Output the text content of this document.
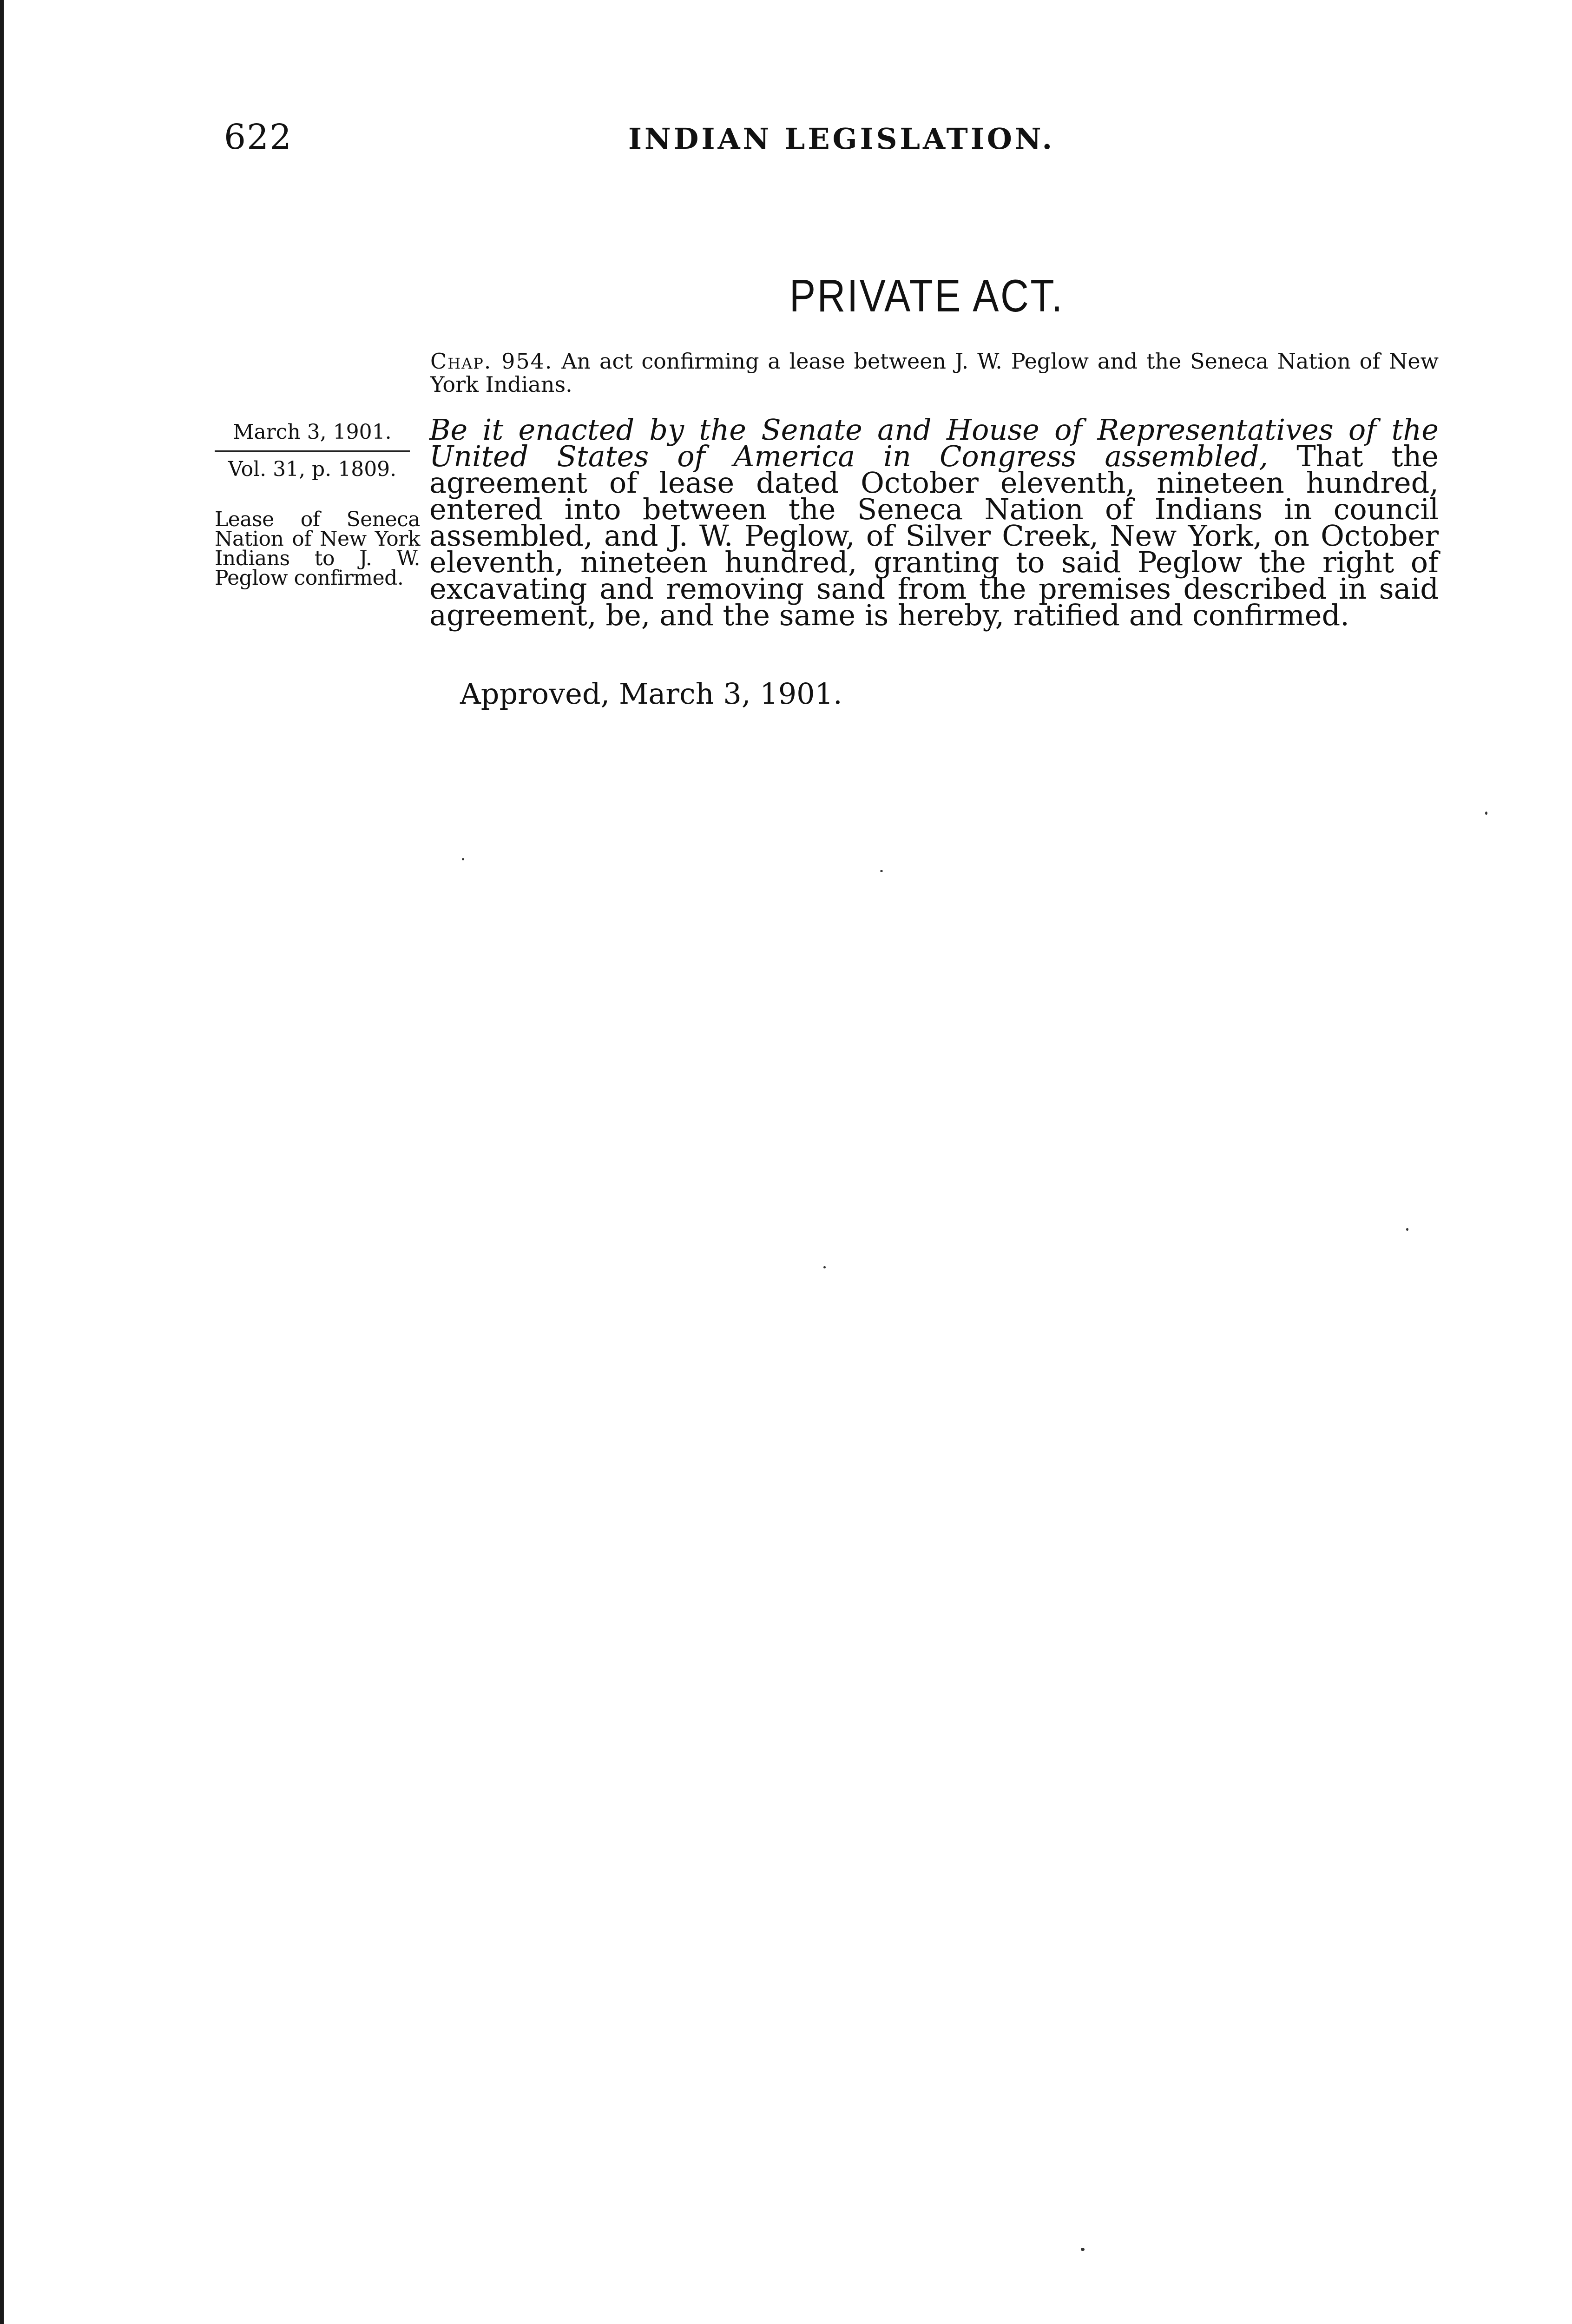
622	INDIAN LEGISLATION.
PRIVATE ACT.
Chap. 954. An act confirming a lease between J. W. Peglow and the Seneca Nation of New York Indians.
March 3, 1901.
Vol. 31, p. 1809.
Lease of Seneca Nation of New York Indians to J. W. Peglow confirmed.
Be it enacted by the Senate and House of Representatives of the United States of America in Congress assembled, That the agreement of lease dated October eleventh, nineteen hundred, entered into between the Seneca Nation of Indians in council assembled, and J. W. Peglow, of Silver Creek, New York, on October eleventh, nineteen hundred, granting to said Peglow the right of excavating and removing sand from the premises described in said agreement, be, and the same is hereby, ratified and confirmed.
Approved, March 3, 1901.
